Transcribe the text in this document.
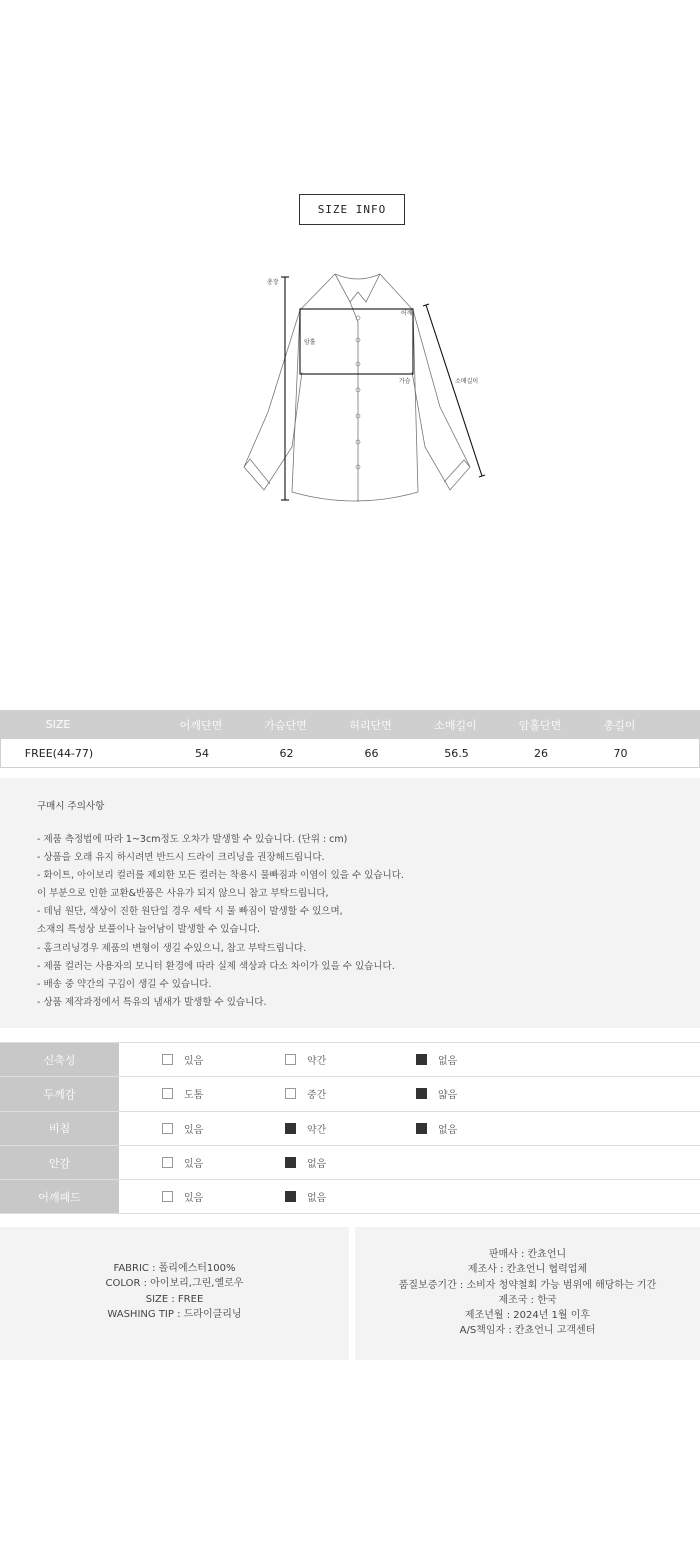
SIZE INFO
총장
어깨
암홀
가슴	소매길이
SIZE	어깨단면	가슴단면	허리단면	소매길이	암홀단면	총길이
FREE(44-77)	54	62	66	56.5	26	70
구매시 주의사항
- 제품 측정법에 따라 1~3cm정도 오차가 발생할 수 있습니다. (단위 : cm)
- 상품을 오래 유지 하시려면 반드시 드라이 크리닝을 권장해드립니다.
- 화이트, 아이보리 컬러를 제외한 모든 컬러는 착용시 물빠짐과 이염이 있을 수 있습니다.
이 부분으로 인한 교환&반품은 사유가 되지 않으니 참고 부탁드립니다,
- 데님 원단, 색상이 진한 원단일 경우 세탁 시 물 빠짐이 발생할 수 있으며,
소재의 특성상 보풀이나 늘어남이 발생할 수 있습니다.
- 홈크리닝경우 제품의 변형이 생길 수있으니, 참고 부탁드립니다.
- 제품 컬러는 사용자의 모니터 환경에 따라 실제 색상과 다소 차이가 있을 수 있습니다.
- 배송 중 약간의 구김이 생길 수 있습니다.
- 상품 제작과정에서 특유의 냄새가 발생할 수 있습니다.
신축성	있음	약간	없음
두께감	도톰	중간	얇음
비침	있음	약간	없음
안감	있음	없음
어깨패드	있음	없음
FABRIC : 폴리에스터100%
COLOR : 아이보리,그린,옐로우
SIZE : FREE
WASHING TIP : 드라이클리닝
판매사 : 칸쵸언니
제조사 : 칸쵸언니 협력업체
품질보증기간 : 소비자 청약철회 가능 범위에 해당하는 기간
제조국 : 한국
제조년월 : 2024년 1월 이후
A/S책임자 : 칸쵸언니 고객센터
